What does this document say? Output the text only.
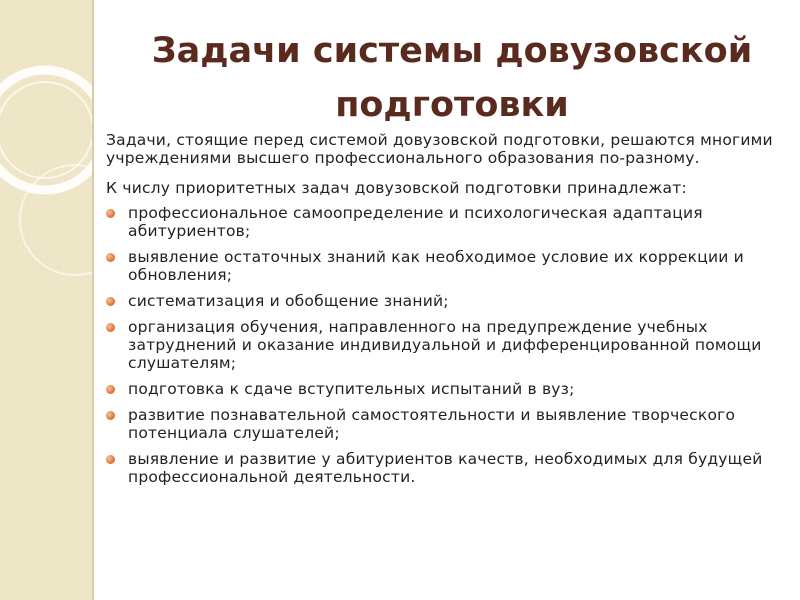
Задачи системы довузовской подготовки

Задачи, стоящие перед системой довузовской подготовки, решаются многими учреждениями высшего профессионального образования по-разному.

К числу приоритетных задач довузовской подготовки принадлежат:

профессиональное самоопределение и психологическая адаптация абитуриентов;
выявление остаточных знаний как необходимое условие их коррекции и обновления;
систематизация и обобщение знаний;
организация обучения, направленного на предупреждение учебных затруднений и оказание индивидуальной и дифференцированной помощи слушателям;
подготовка к сдаче вступительных испытаний в вуз;
развитие познавательной самостоятельности и выявление творческого потенциала слушателей;
выявление и развитие у абитуриентов качеств, необходимых для будущей профессиональной деятельности.
